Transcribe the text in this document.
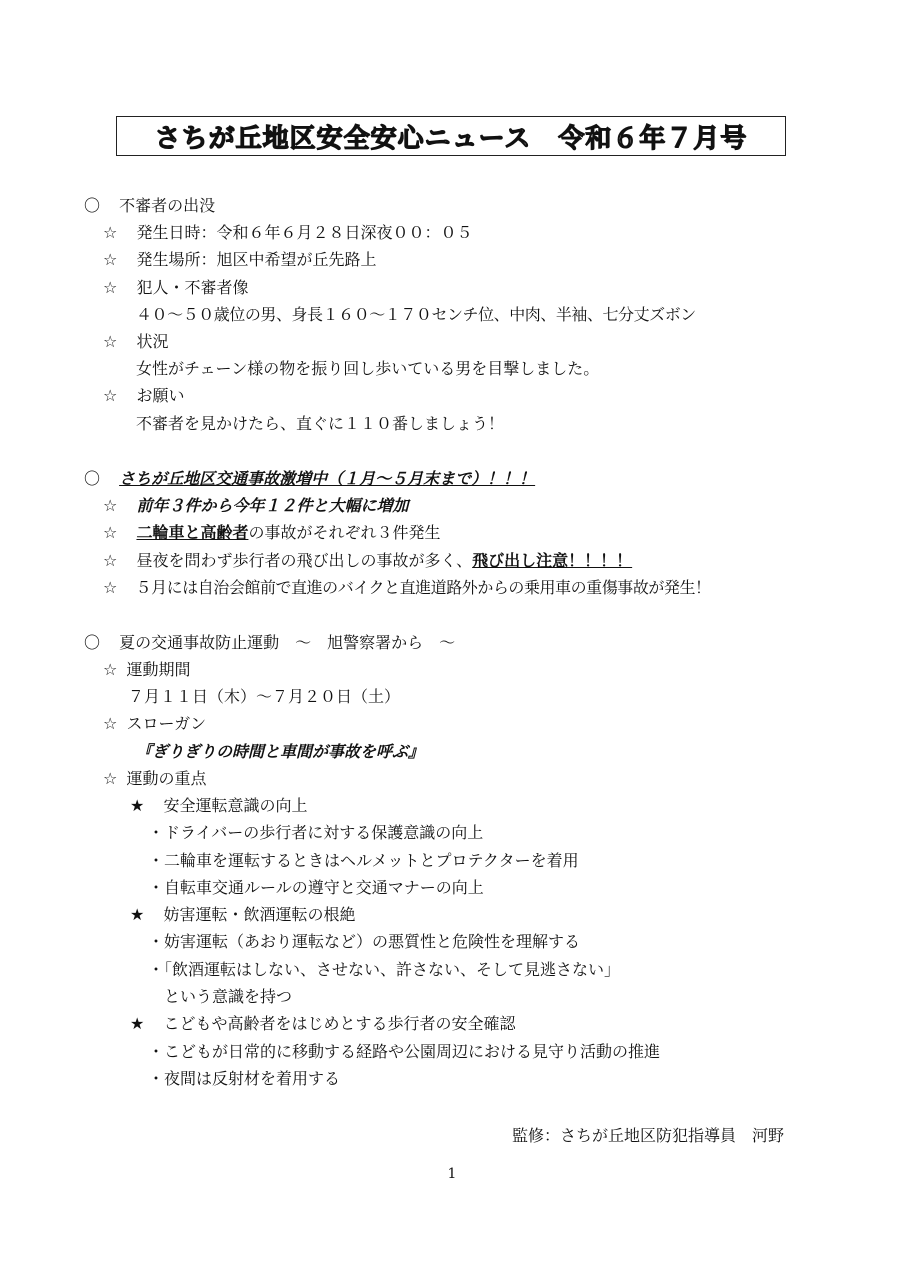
さちが丘地区安全安心ニュース　令和６年７月号
〇 不審者の出没
☆ 発生日時：令和６年６月２８日深夜００：０５
☆ 発生場所：旭区中希望が丘先路上
☆ 犯人・不審者像
４０～５０歳位の男、身長１６０～１７０センチ位、中肉、半袖、七分丈ズボン
☆ 状況
女性がチェーン様の物を振り回し歩いている男を目撃しました。
☆ お願い
不審者を見かけたら、直ぐに１１０番しましょう！
〇 さちが丘地区交通事故激増中（１月～５月末まで）！！！
☆ 前年３件から今年１２件と大幅に増加
☆ 二輪車と高齢者の事故がそれぞれ３件発生
☆ 昼夜を問わず歩行者の飛び出しの事故が多く、飛び出し注意！！！！
☆ ５月には自治会館前で直進のバイクと直進道路外からの乗用車の重傷事故が発生！
〇 夏の交通事故防止運動　～　旭警察署から　～
☆ 運動期間
７月１１日（木）～７月２０日（土）
☆ スローガン
『ぎりぎりの時間と車間が事故を呼ぶ』
☆ 運動の重点
★ 安全運転意識の向上
・ドライバーの歩行者に対する保護意識の向上
・二輪車を運転するときはヘルメットとプロテクターを着用
・自転車交通ルールの遵守と交通マナーの向上
★ 妨害運転・飲酒運転の根絶
・妨害運転（あおり運転など）の悪質性と危険性を理解する
・「飲酒運転はしない、させない、許さない、そして見逃さない」
という意識を持つ
★ こどもや高齢者をはじめとする歩行者の安全確認
・こどもが日常的に移動する経路や公園周辺における見守り活動の推進
・夜間は反射材を着用する
監修：さちが丘地区防犯指導員　河野
1
